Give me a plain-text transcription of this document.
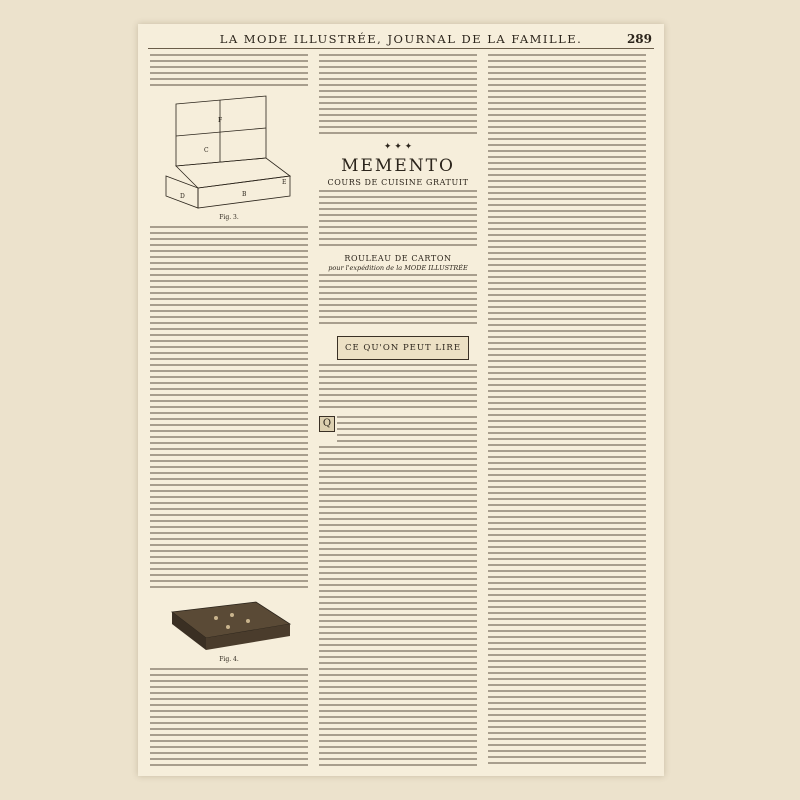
LA MODE ILLUSTRÉE, JOURNAL DE LA FAMILLE.	289
F
C
D	B
E
Fig. 3.
Fig. 4.
✦ ✦ ✦
MEMENTO
COURS DE CUISINE GRATUIT
ROULEAU DE CARTON
pour l'expédition de la MODE ILLUSTRÉE
CE QU'ON PEUT LIRE
Q
